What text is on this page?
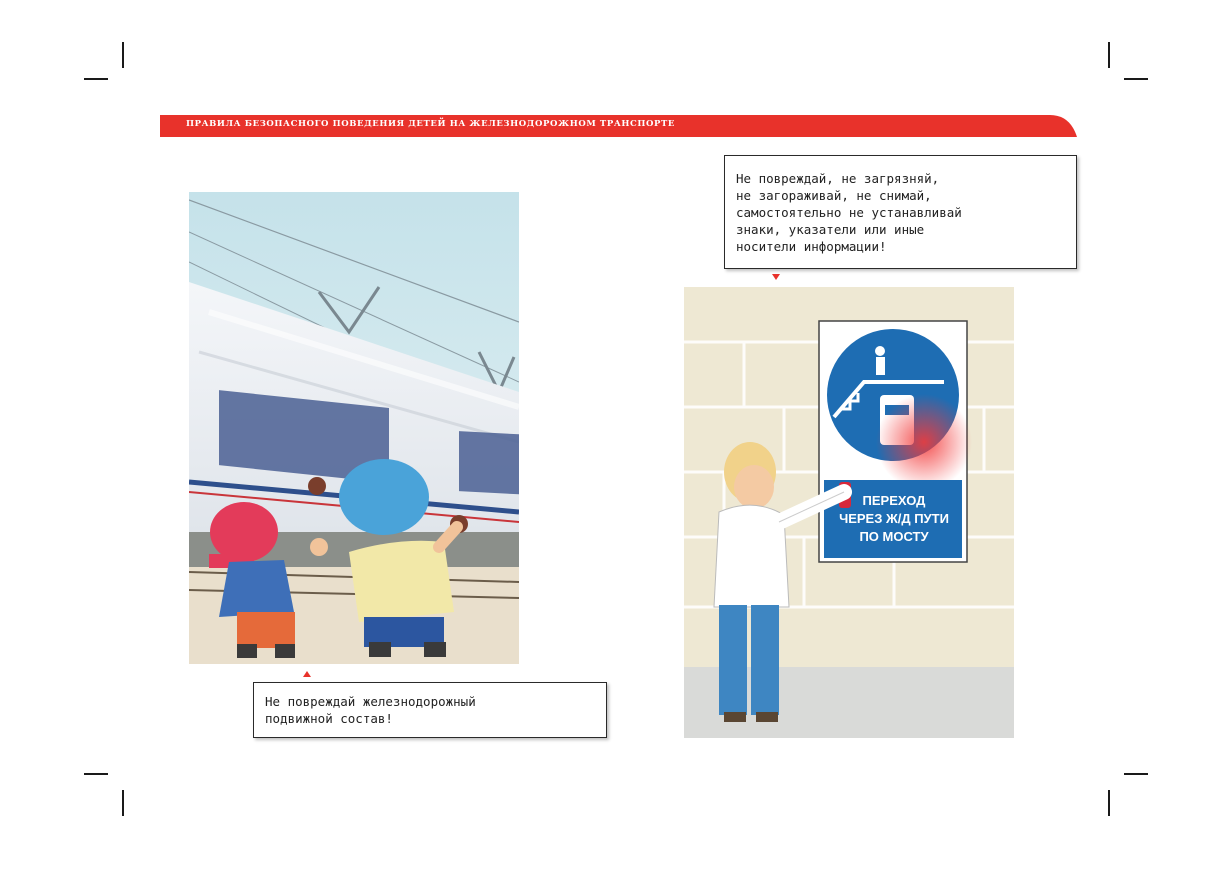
ПРАВИЛА БЕЗОПАСНОГО ПОВЕДЕНИЯ ДЕТЕЙ НА ЖЕЛЕЗНОДОРОЖНОМ ТРАНСПОРТЕ
Не повреждай железнодорожный
подвижной состав!
Не повреждай, не загрязняй,
не загораживай, не снимай,
самостоятельно не устанавливай
знаки, указатели или иные
носители информации!
ПЕРЕХОД
ЧЕРЕЗ Ж/Д ПУТИ
ПО МОСТУ
